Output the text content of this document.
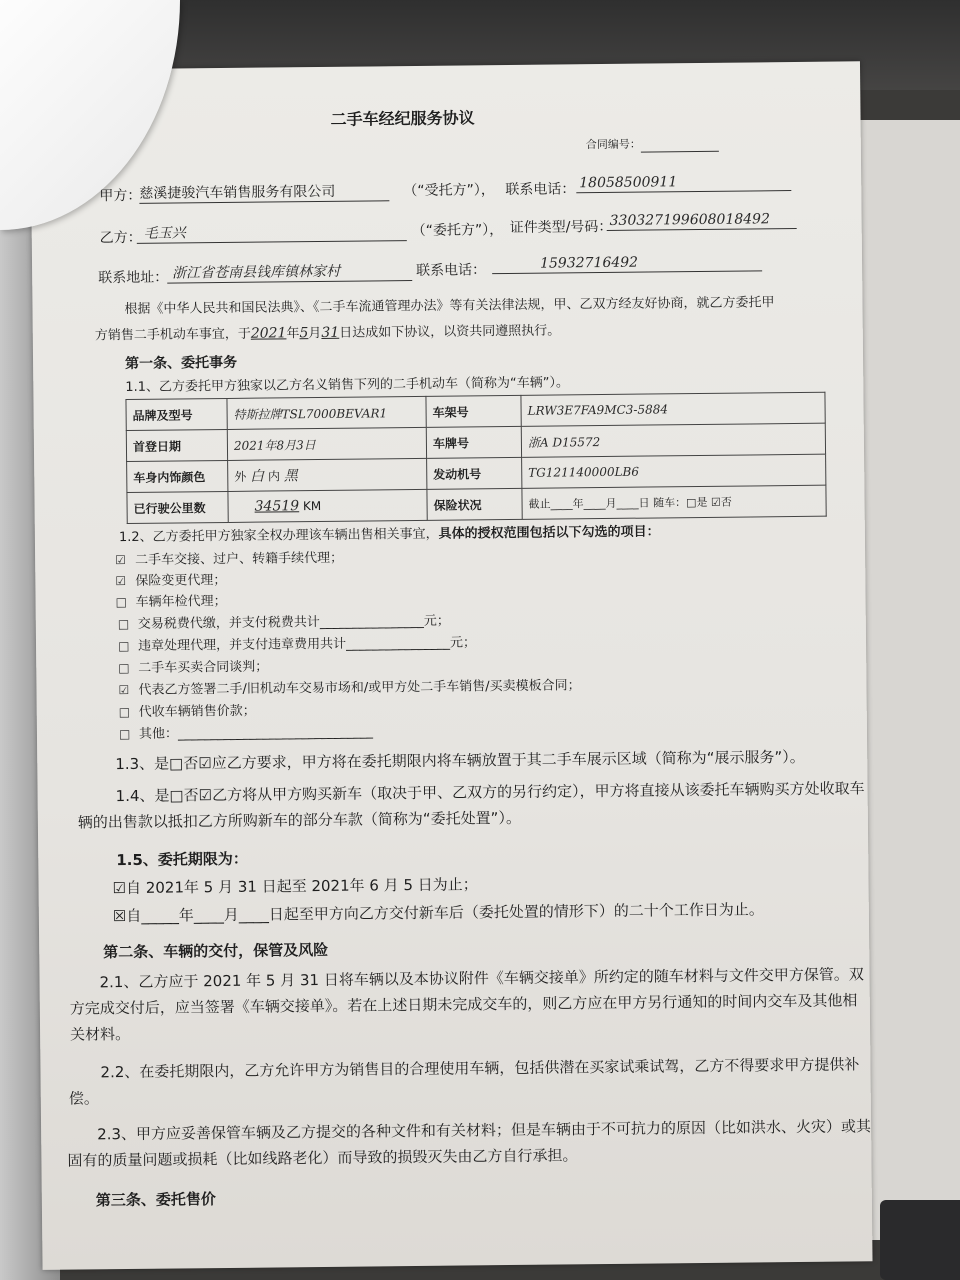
二手车经纪服务协议
合同编号：
甲方：
慈溪捷骏汽车销售服务有限公司	（“受托方”）， 联系电话： 18058500911
乙方： 毛玉兴	（“委托方”）， 证件类型/号码：
330327199608018492
联系地址： 浙江省苍南县钱库镇林家村	联系电话：	15932716492
根据《中华人民共和国民法典》、《二手车流通管理办法》等有关法律法规，甲、乙双方经友好协商，就乙方委托甲
方销售二手机动车事宜，于2021年5月31日达成如下协议，以资共同遵照执行。
第一条、委托事务
1.1、乙方委托甲方独家以乙方名义销售下列的二手机动车（简称为“车辆”）。
品牌及型号	特斯拉牌TSL7000BEVAR1	车架号	LRW3E7FA9MC3-5884
首登日期	2021年8月3日	车牌号	浙A D15572
车身内饰颜色	外 白 内 黑	发动机号	TG121140000LB6
已行驶公里数	34519 KM	保险状况	截止____年____月____日 随车：□是 ☑否
1.2、乙方委托甲方独家全权办理该车辆出售相关事宜，具体的授权范围包括以下勾选的项目：
☑ 二手车交接、过户、转籍手续代理；
☑ 保险变更代理；
□ 车辆年检代理；
□ 交易税费代缴，并支付税费共计________________元；
□ 违章处理代理，并支付违章费用共计________________元；
□ 二手车买卖合同谈判；
☑ 代表乙方签署二手/旧机动车交易市场和/或甲方处二手车销售/买卖模板合同；
□ 代收车辆销售价款；
□ 其他：______________________________
1.3、是□否☑应乙方要求，甲方将在委托期限内将车辆放置于其二手车展示区域（简称为“展示服务”）。
1.4、是□否☑乙方将从甲方购买新车（取决于甲、乙双方的另行约定），甲方将直接从该委托车辆购买方处收取车
辆的出售款以抵扣乙方所购新车的部分车款（简称为“委托处置”）。
1.5、委托期限为：
☑自 2021年 5 月 31 日起至 2021年 6 月 5 日为止；
☒自_____年____月____日起至甲方向乙方交付新车后（委托处置的情形下）的二十个工作日为止。
第二条、车辆的交付，保管及风险
2.1、乙方应于 2021 年 5 月 31 日将车辆以及本协议附件《车辆交接单》所约定的随车材料与文件交甲方保管。双
方完成交付后，应当签署《车辆交接单》。若在上述日期未完成交车的，则乙方应在甲方另行通知的时间内交车及其他相
关材料。
2.2、在委托期限内，乙方允许甲方为销售目的合理使用车辆，包括供潜在买家试乘试驾，乙方不得要求甲方提供补
偿。
2.3、甲方应妥善保管车辆及乙方提交的各种文件和有关材料；但是车辆由于不可抗力的原因（比如洪水、火灾）或其
固有的质量问题或损耗（比如线路老化）而导致的损毁灭失由乙方自行承担。
第三条、委托售价
